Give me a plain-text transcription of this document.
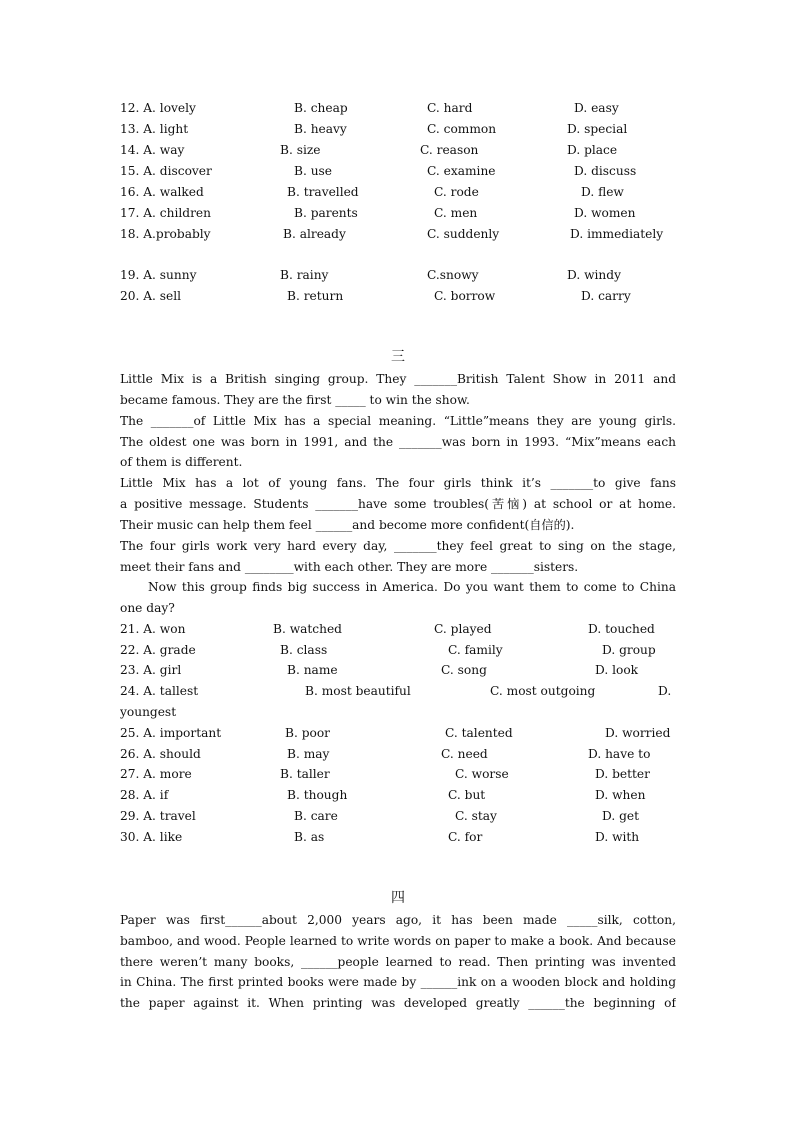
12. A. lovely

	B. cheap

	C. hard

	D. easy

13. A. light

	B. heavy

	C. common

	D. special

14. A. way

	B. size

	C. reason

	D. place

15. A. discover

	B. use

	C. examine

	D. discuss

16. A. walked

	B. travelled

	C. rode

	D. flew

17. A. children

	B. parents

	C. men

	D. women

18. A.probably

	B. already

	C. suddenly

	D. immediately

19. A. sunny

	B. rainy

	C.snowy

	D. windy

20. A. sell

	B. return

	C. borrow

	D. carry

三
Little Mix is a British singing group. They _______British Talent Show in 2011 and
became famous. They are the first _____ to win the show.
The _______of Little Mix has a special meaning. “Little”means they are young girls.
The oldest one was born in 1991, and the _______was born in 1993. “Mix”means each
of them is different.
Little Mix has a lot of young fans. The four girls think it’s _______to give fans
a positive message. Students _______have some troubles(苦恼) at school or at home.
Their music can help them feel ______and become more confident(自信的).
The four girls work very hard every day, _______they feel great to sing on the stage,
meet their fans and ________with each other. They are more _______sisters.
Now this group finds big success in America. Do you want them to come to China
one day?

21. A. won

	B. watched

	C. played

	D. touched

22. A. grade

	B. class

	C. family

	D. group

23. A. girl

	B. name

	C. song

	D. look

24. A. tallest

	B. most beautiful

	C. most outgoing

	D.

youngest

25. A. important

	B. poor

	C. talented

	D. worried

26. A. should

	B. may

	C. need

	D. have to

27. A. more

	B. taller

	C. worse

	D. better

28. A. if

	B. though

	C. but

	D. when

29. A. travel

	B. care

	C. stay

	D. get

30. A. like

	B. as

	C. for

	D. with

四
Paper was first______about 2,000 years ago, it has been made _____silk, cotton,
bamboo, and wood. People learned to write words on paper to make a book. And because
there weren’t many books, ______people learned to read. Then printing was invented
in China. The first printed books were made by ______ink on a wooden block and holding
the paper against it. When printing was developed greatly ______the beginning of
